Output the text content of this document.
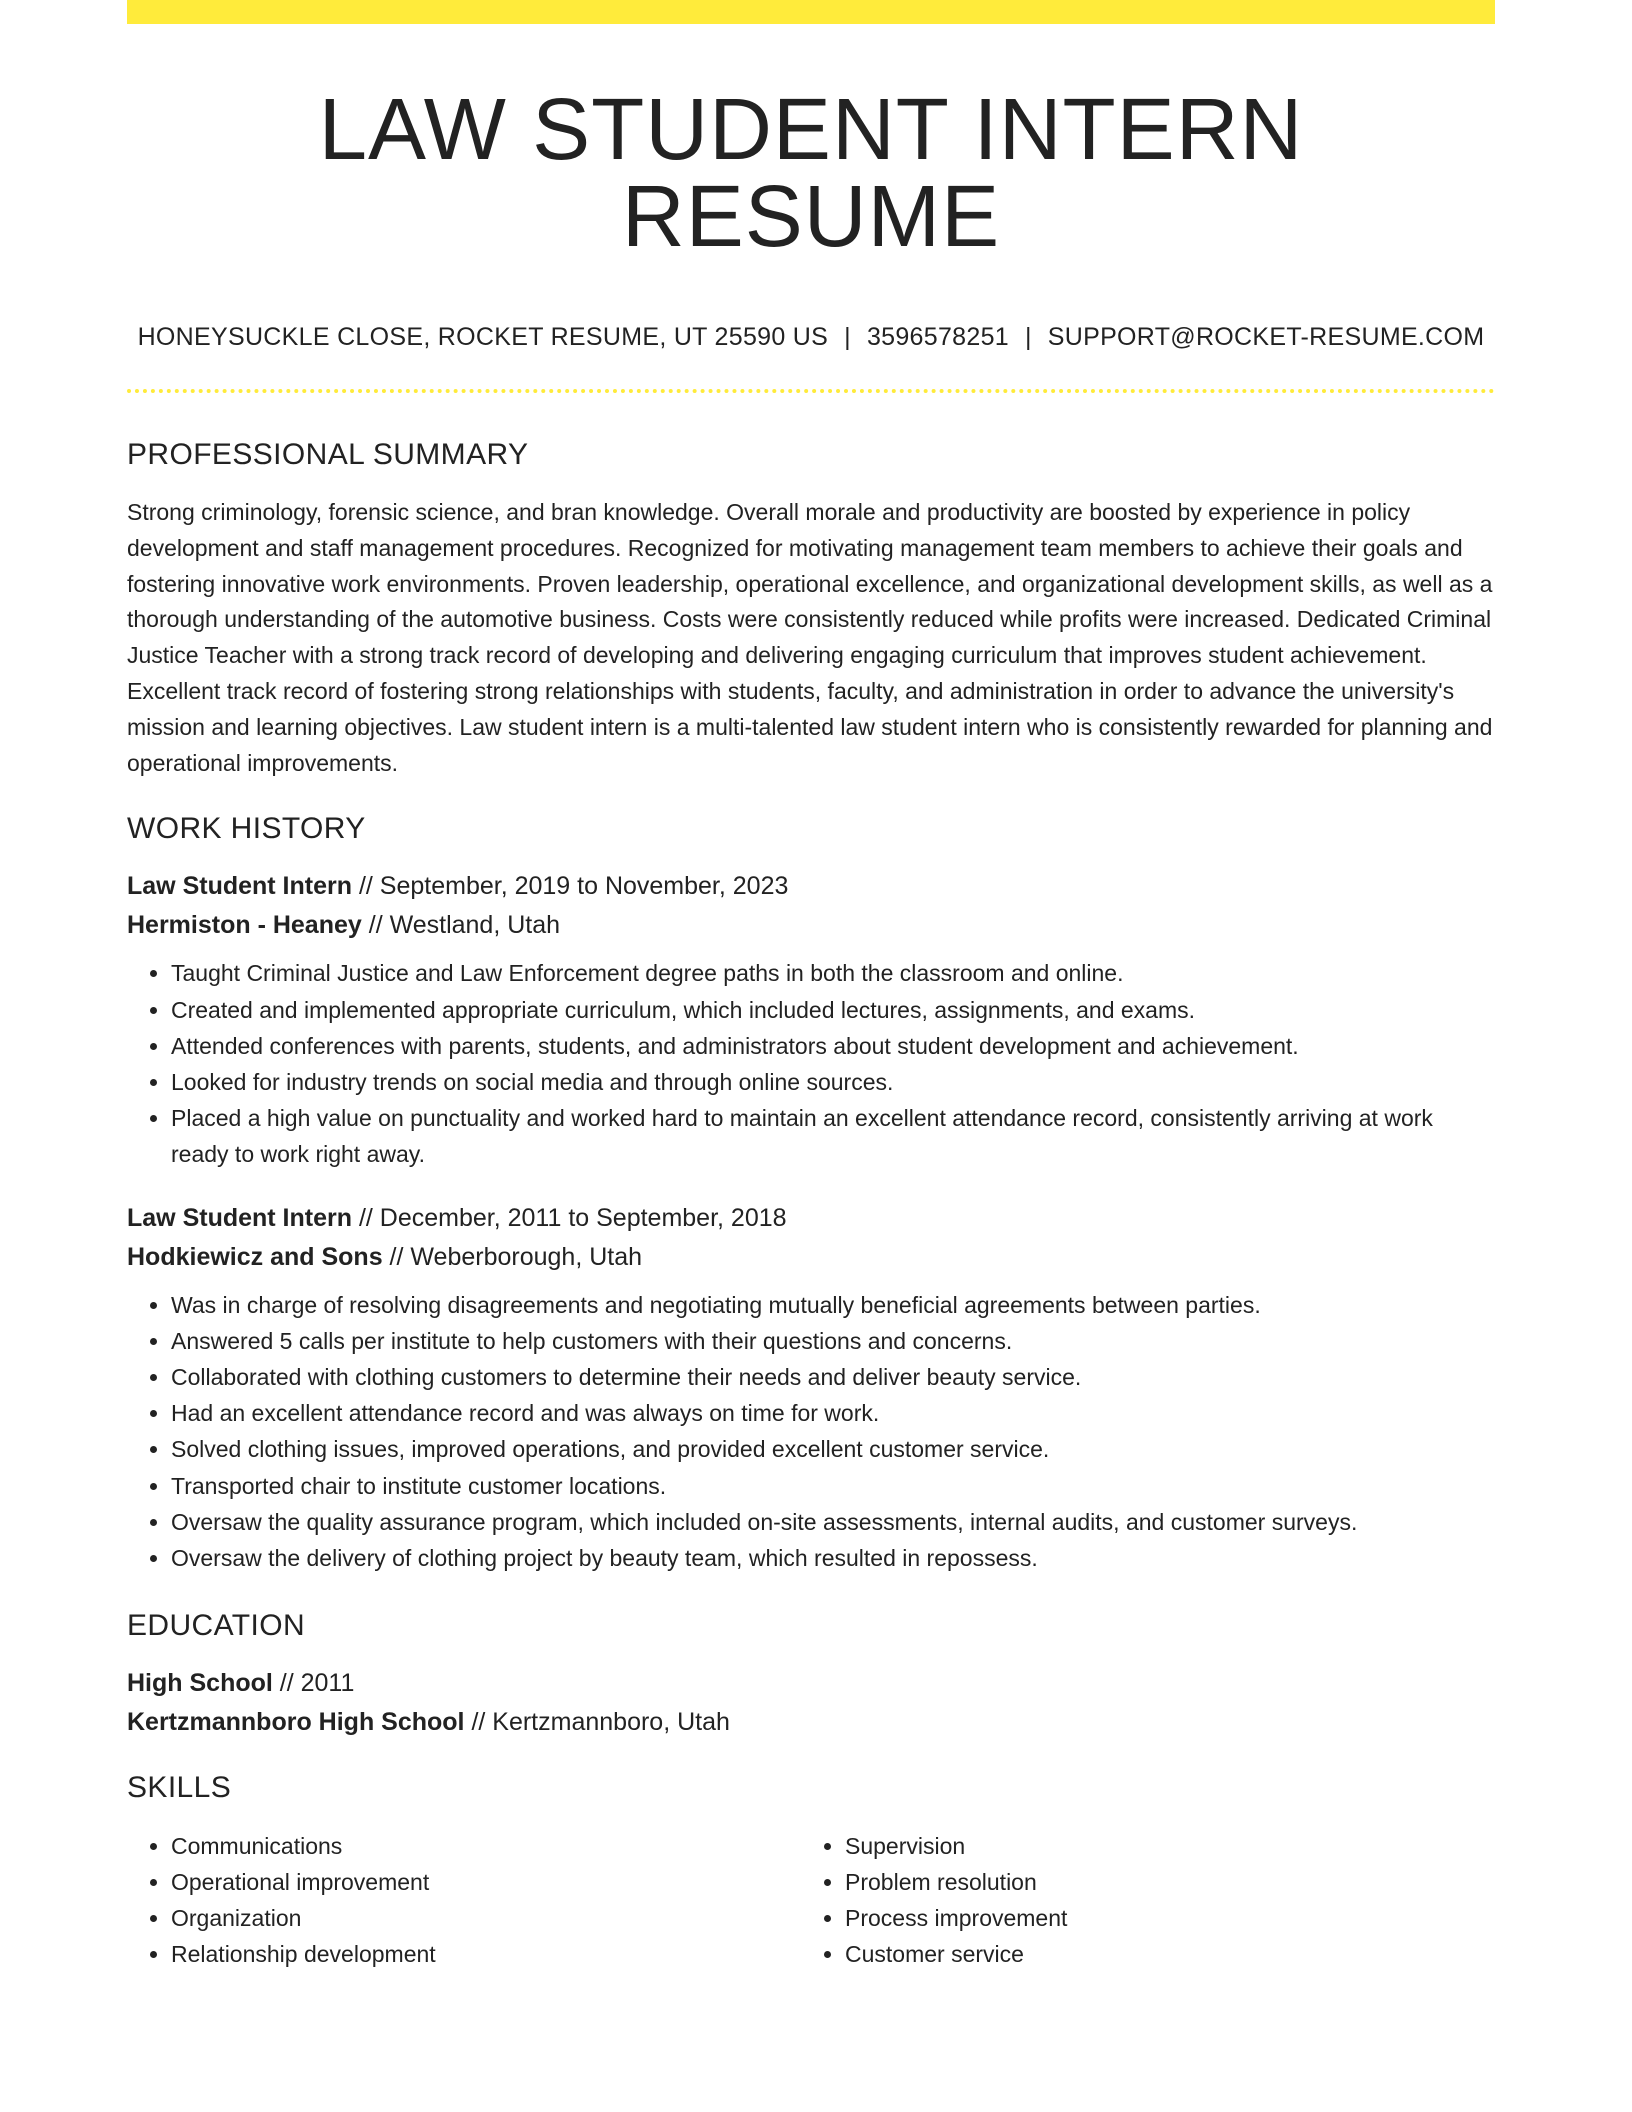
LAW STUDENT INTERN RESUME
HONEYSUCKLE CLOSE, ROCKET RESUME, UT 25590 US | 3596578251 | SUPPORT@ROCKET-RESUME.COM
PROFESSIONAL SUMMARY
Strong criminology, forensic science, and bran knowledge. Overall morale and productivity are boosted by experience in policy development and staff management procedures. Recognized for motivating management team members to achieve their goals and fostering innovative work environments. Proven leadership, operational excellence, and organizational development skills, as well as a thorough understanding of the automotive business. Costs were consistently reduced while profits were increased. Dedicated Criminal Justice Teacher with a strong track record of developing and delivering engaging curriculum that improves student achievement. Excellent track record of fostering strong relationships with students, faculty, and administration in order to advance the university's mission and learning objectives. Law student intern is a multi-talented law student intern who is consistently rewarded for planning and operational improvements.
WORK HISTORY
Law Student Intern // September, 2019 to November, 2023
Hermiston - Heaney // Westland, Utah
• Taught Criminal Justice and Law Enforcement degree paths in both the classroom and online.
• Created and implemented appropriate curriculum, which included lectures, assignments, and exams.
• Attended conferences with parents, students, and administrators about student development and achievement.
• Looked for industry trends on social media and through online sources.
• Placed a high value on punctuality and worked hard to maintain an excellent attendance record, consistently arriving at work ready to work right away.
Law Student Intern // December, 2011 to September, 2018
Hodkiewicz and Sons // Weberborough, Utah
• Was in charge of resolving disagreements and negotiating mutually beneficial agreements between parties.
• Answered 5 calls per institute to help customers with their questions and concerns.
• Collaborated with clothing customers to determine their needs and deliver beauty service.
• Had an excellent attendance record and was always on time for work.
• Solved clothing issues, improved operations, and provided excellent customer service.
• Transported chair to institute customer locations.
• Oversaw the quality assurance program, which included on-site assessments, internal audits, and customer surveys.
• Oversaw the delivery of clothing project by beauty team, which resulted in repossess.
EDUCATION
High School // 2011
Kertzmannboro High School // Kertzmannboro, Utah
SKILLS
• Communications
• Operational improvement
• Organization
• Relationship development
• Supervision
• Problem resolution
• Process improvement
• Customer service
